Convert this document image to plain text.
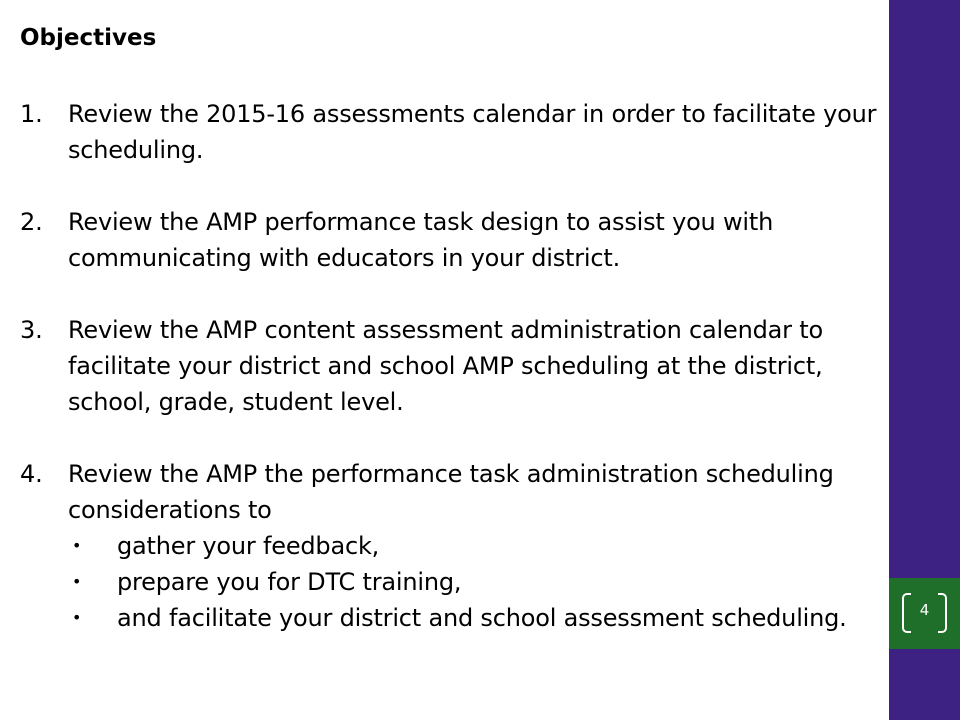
Objectives
1. Review the 2015-16 assessments calendar in order to facilitate your scheduling.
2. Review the AMP performance task design to assist you with communicating with educators in your district.
3. Review the AMP content assessment administration calendar to facilitate your district and school AMP scheduling at the district, school, grade, student level.
4. Review the AMP the performance task administration scheduling considerations to
• gather your feedback,
• prepare you for DTC training,
• and facilitate your district and school assessment scheduling.	4
